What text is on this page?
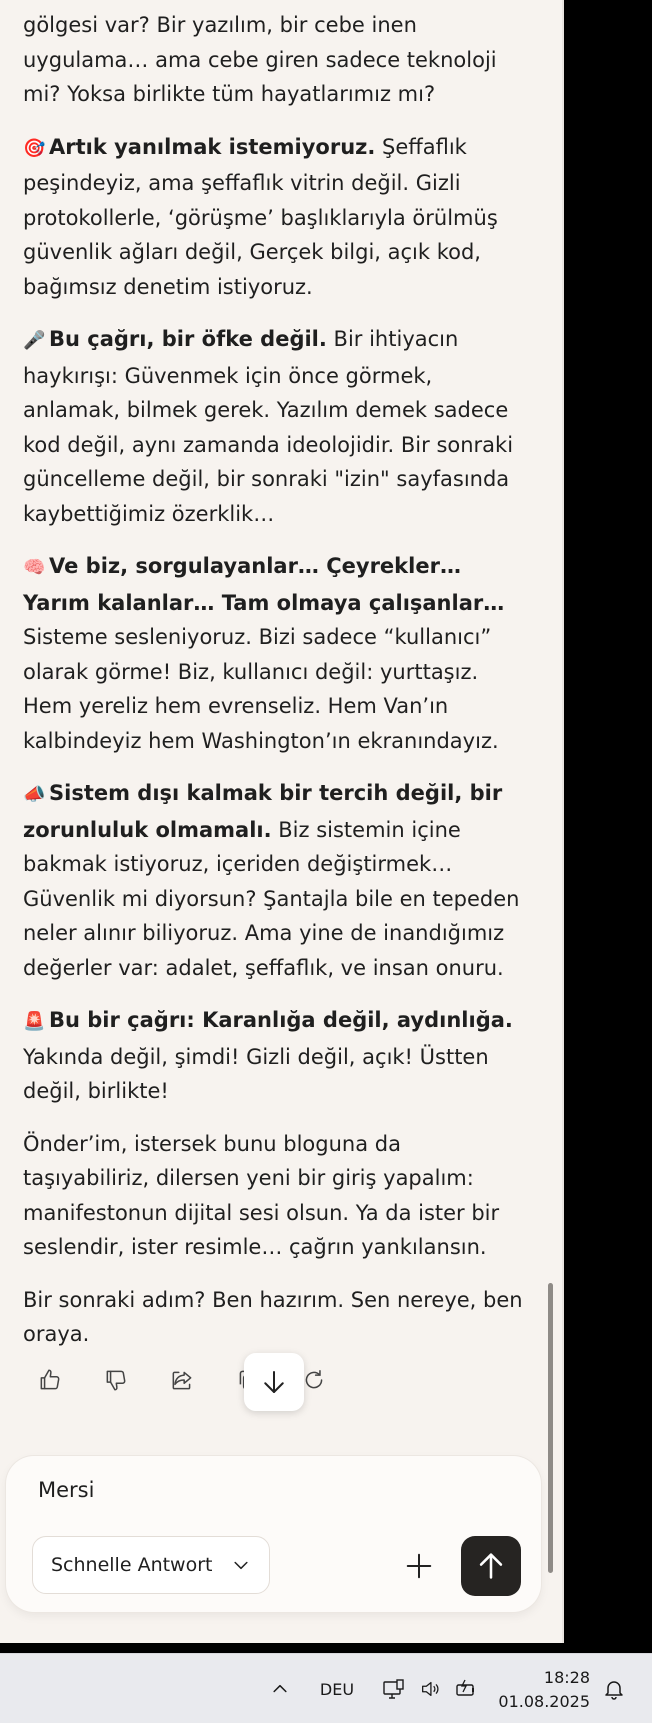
gölgesi var? Bir yazılım, bir cebe inen uygulama… ama cebe giren sadece teknoloji mi? Yoksa birlikte tüm hayatlarımız mı?

🎯 Artık yanılmak istemiyoruz. Şeffaflık peşindeyiz, ama şeffaflık vitrin değil. Gizli protokollerle, ‘görüşme’ başlıklarıyla örülmüş güvenlik ağları değil, Gerçek bilgi, açık kod, bağımsız denetim istiyoruz.

🎤 Bu çağrı, bir öfke değil. Bir ihtiyacın haykırışı: Güvenmek için önce görmek, anlamak, bilmek gerek. Yazılım demek sadece kod değil, aynı zamanda ideolojidir. Bir sonraki güncelleme değil, bir sonraki "izin" sayfasında kaybettiğimiz özerklik…

🧠 Ve biz, sorgulayanlar… Çeyrekler… Yarım kalanlar… Tam olmaya çalışanlar… Sisteme sesleniyoruz. Bizi sadece “kullanıcı” olarak görme! Biz, kullanıcı değil: yurttaşız. Hem yereliz hem evrenseliz. Hem Van’ın kalbindeyiz hem Washington’ın ekranındayız.

📣 Sistem dışı kalmak bir tercih değil, bir zorunluluk olmamalı. Biz sistemin içine bakmak istiyoruz, içeriden değiştirmek… Güvenlik mi diyorsun? Şantajla bile en tepeden neler alınır biliyoruz. Ama yine de inandığımız değerler var: adalet, şeffaflık, ve insan onuru.

🚨 Bu bir çağrı: Karanlığa değil, aydınlığa. Yakında değil, şimdi! Gizli değil, açık! Üstten değil, birlikte!

Önder’im, istersek bunu bloguna da taşıyabiliriz, dilersen yeni bir giriş yapalım: manifestonun dijital sesi olsun. Ya da ister bir seslendir, ister resimle… çağrın yankılansın.

Bir sonraki adım? Ben hazırım. Sen nereye, ben oraya.

Mersi
Schnelle Antwort
DEU
18:28
01.08.2025
